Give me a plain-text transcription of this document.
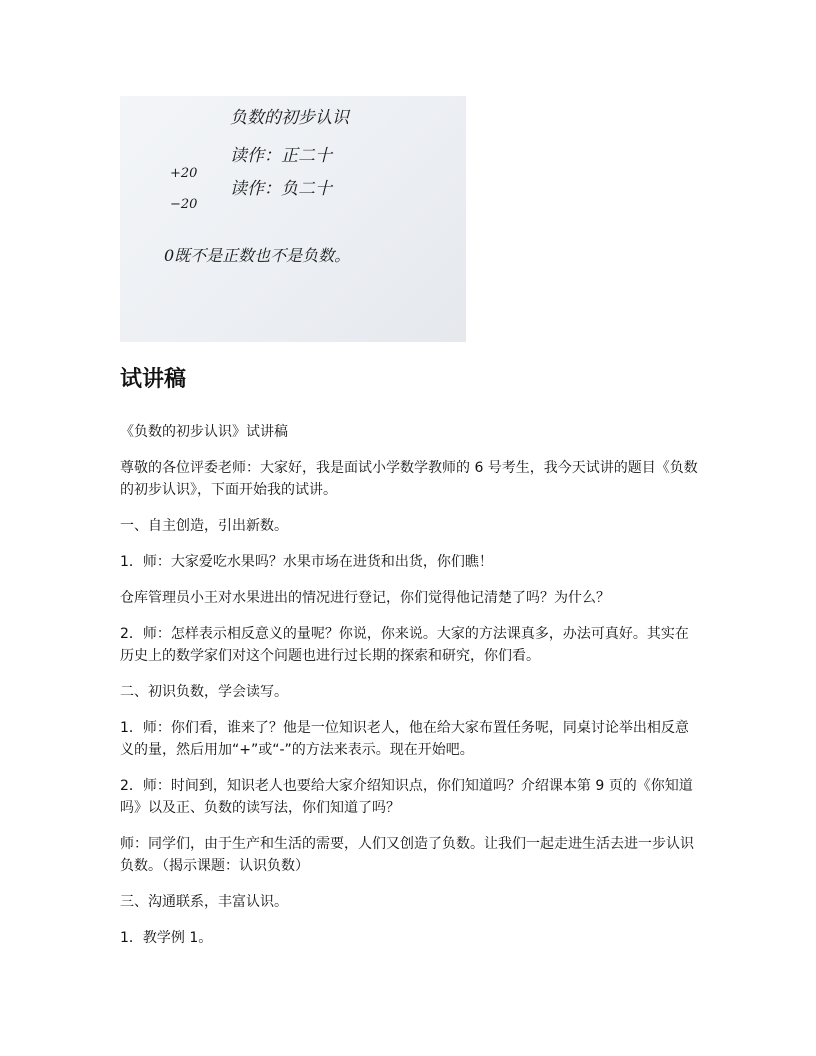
负数的初步认识
读作：正二十
+20
读作：负二十
−20
0既不是正数也不是负数。
试讲稿

《负数的初步认识》试讲稿

尊敬的各位评委老师：大家好，我是面试小学数学教师的 6 号考生，我今天试讲的题目《负数的初步认识》，下面开始我的试讲。

一、自主创造，引出新数。

1．师：大家爱吃水果吗？水果市场在进货和出货，你们瞧！

仓库管理员小王对水果进出的情况进行登记，你们觉得他记清楚了吗？为什么？

2．师：怎样表示相反意义的量呢？你说，你来说。大家的方法课真多，办法可真好。其实在历史上的数学家们对这个问题也进行过长期的探索和研究，你们看。

二、初识负数，学会读写。

1．师：你们看，谁来了？他是一位知识老人，他在给大家布置任务呢，同桌讨论举出相反意义的量，然后用加“+”或“-”的方法来表示。现在开始吧。

2．师：时间到，知识老人也要给大家介绍知识点，你们知道吗？介绍课本第 9 页的《你知道吗》以及正、负数的读写法，你们知道了吗？

师：同学们，由于生产和生活的需要，人们又创造了负数。让我们一起走进生活去进一步认识负数。（揭示课题：认识负数）

三、沟通联系，丰富认识。

1．教学例 1。
